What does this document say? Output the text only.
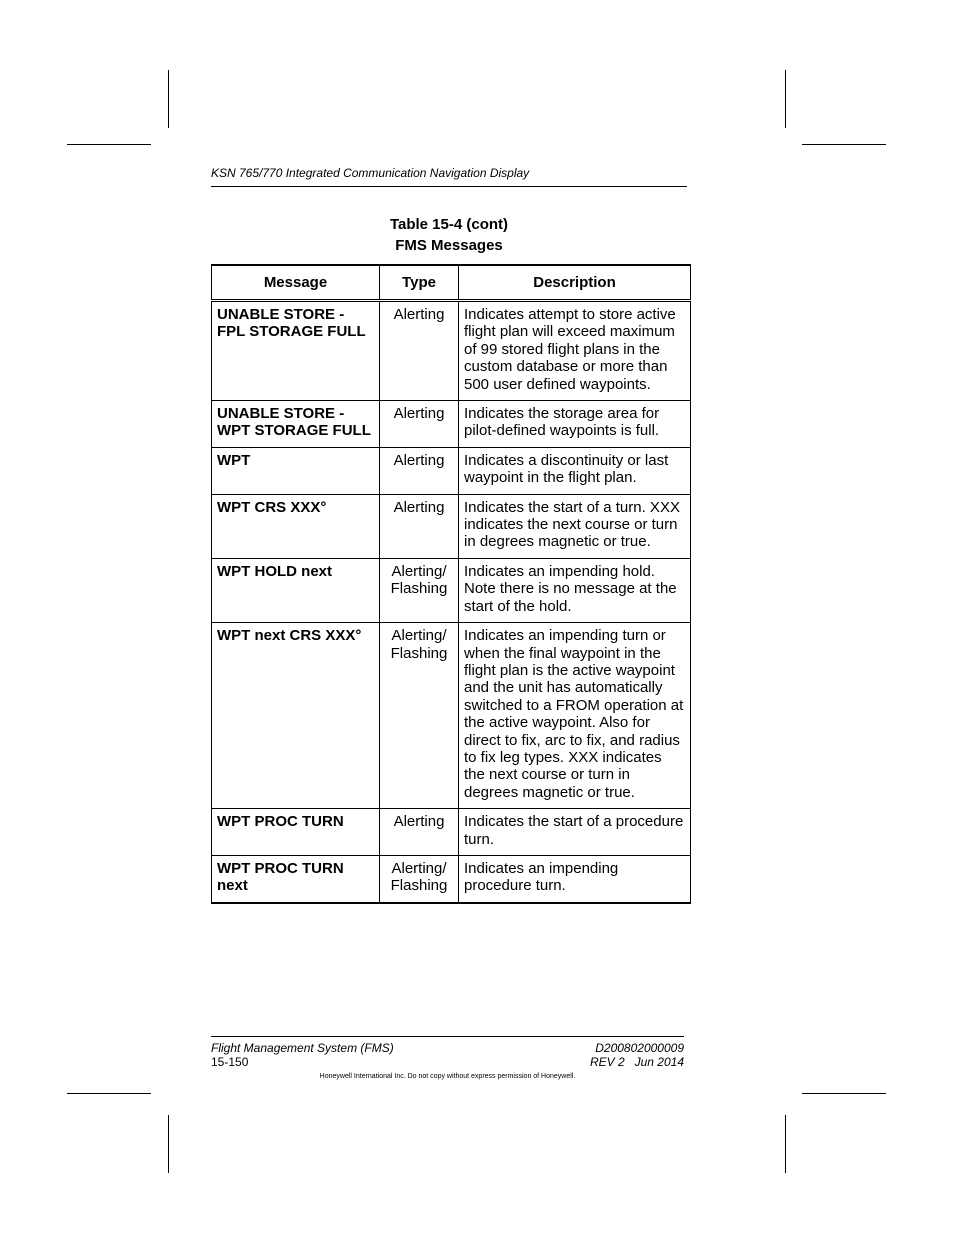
KSN 765/770 Integrated Communication Navigation Display
Table 15-4 (cont)
FMS Messages
Message	Type	Description
UNABLE STORE - FPL STORAGE FULL	Alerting	Indicates attempt to store active flight plan will exceed maximum of 99 stored flight plans in the custom database or more than 500 user defined waypoints.
UNABLE STORE - WPT STORAGE FULL	Alerting	Indicates the storage area for pilot-defined waypoints is full.
WPT	Alerting	Indicates a discontinuity or last waypoint in the flight plan.
WPT CRS XXX°	Alerting	Indicates the start of a turn. XXX indicates the next course or turn in degrees magnetic or true.
WPT HOLD next	Alerting/ Flashing	Indicates an impending hold. Note there is no message at the start of the hold.
WPT next CRS XXX°	Alerting/ Flashing	Indicates an impending turn or when the final waypoint in the flight plan is the active waypoint and the unit has automatically switched to a FROM operation at the active waypoint. Also for direct to fix, arc to fix, and radius to fix leg types. XXX indicates the next course or turn in degrees magnetic or true.
WPT PROC TURN	Alerting	Indicates the start of a procedure turn.
WPT PROC TURN next	Alerting/ Flashing	Indicates an impending procedure turn.
Flight Management System (FMS)
15-150
D200802000009
REV 2   Jun 2014
Honeywell International Inc. Do not copy without express permission of Honeywell.
